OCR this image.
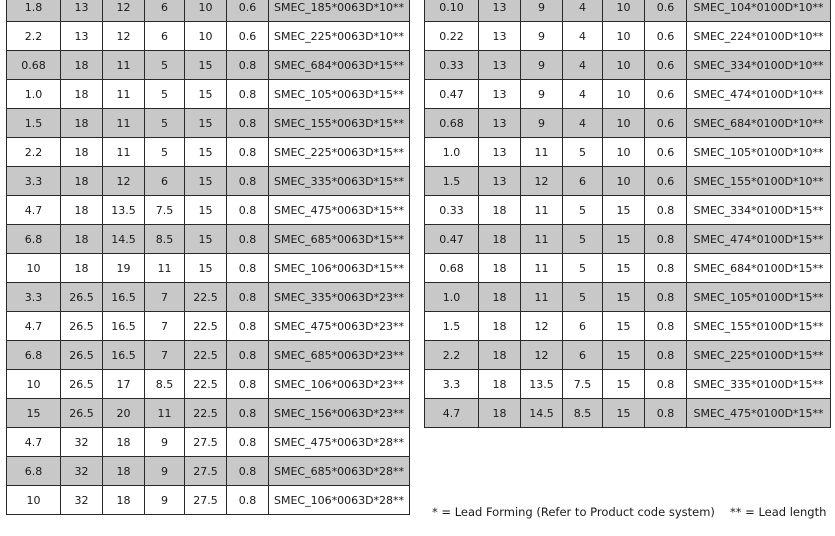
1.8	13	12	6	10	0.6	SMEC_185*0063D*10**
2.2	13	12	6	10	0.6	SMEC_225*0063D*10**
0.68	18	11	5	15	0.8	SMEC_684*0063D*15**
1.0	18	11	5	15	0.8	SMEC_105*0063D*15**
1.5	18	11	5	15	0.8	SMEC_155*0063D*15**
2.2	18	11	5	15	0.8	SMEC_225*0063D*15**
3.3	18	12	6	15	0.8	SMEC_335*0063D*15**
4.7	18	13.5	7.5	15	0.8	SMEC_475*0063D*15**
6.8	18	14.5	8.5	15	0.8	SMEC_685*0063D*15**
10	18	19	11	15	0.8	SMEC_106*0063D*15**
3.3	26.5	16.5	7	22.5	0.8	SMEC_335*0063D*23**
4.7	26.5	16.5	7	22.5	0.8	SMEC_475*0063D*23**
6.8	26.5	16.5	7	22.5	0.8	SMEC_685*0063D*23**
10	26.5	17	8.5	22.5	0.8	SMEC_106*0063D*23**
15	26.5	20	11	22.5	0.8	SMEC_156*0063D*23**
4.7	32	18	9	27.5	0.8	SMEC_475*0063D*28**
6.8	32	18	9	27.5	0.8	SMEC_685*0063D*28**
10	32	18	9	27.5	0.8	SMEC_106*0063D*28**
0.10	13	9	4	10	0.6	SMEC_104*0100D*10**
0.22	13	9	4	10	0.6	SMEC_224*0100D*10**
0.33	13	9	4	10	0.6	SMEC_334*0100D*10**
0.47	13	9	4	10	0.6	SMEC_474*0100D*10**
0.68	13	9	4	10	0.6	SMEC_684*0100D*10**
1.0	13	11	5	10	0.6	SMEC_105*0100D*10**
1.5	13	12	6	10	0.6	SMEC_155*0100D*10**
0.33	18	11	5	15	0.8	SMEC_334*0100D*15**
0.47	18	11	5	15	0.8	SMEC_474*0100D*15**
0.68	18	11	5	15	0.8	SMEC_684*0100D*15**
1.0	18	11	5	15	0.8	SMEC_105*0100D*15**
1.5	18	12	6	15	0.8	SMEC_155*0100D*15**
2.2	18	12	6	15	0.8	SMEC_225*0100D*15**
3.3	18	13.5	7.5	15	0.8	SMEC_335*0100D*15**
4.7	18	14.5	8.5	15	0.8	SMEC_475*0100D*15**
* = Lead Forming (Refer to Product code system) ** = Lead length
